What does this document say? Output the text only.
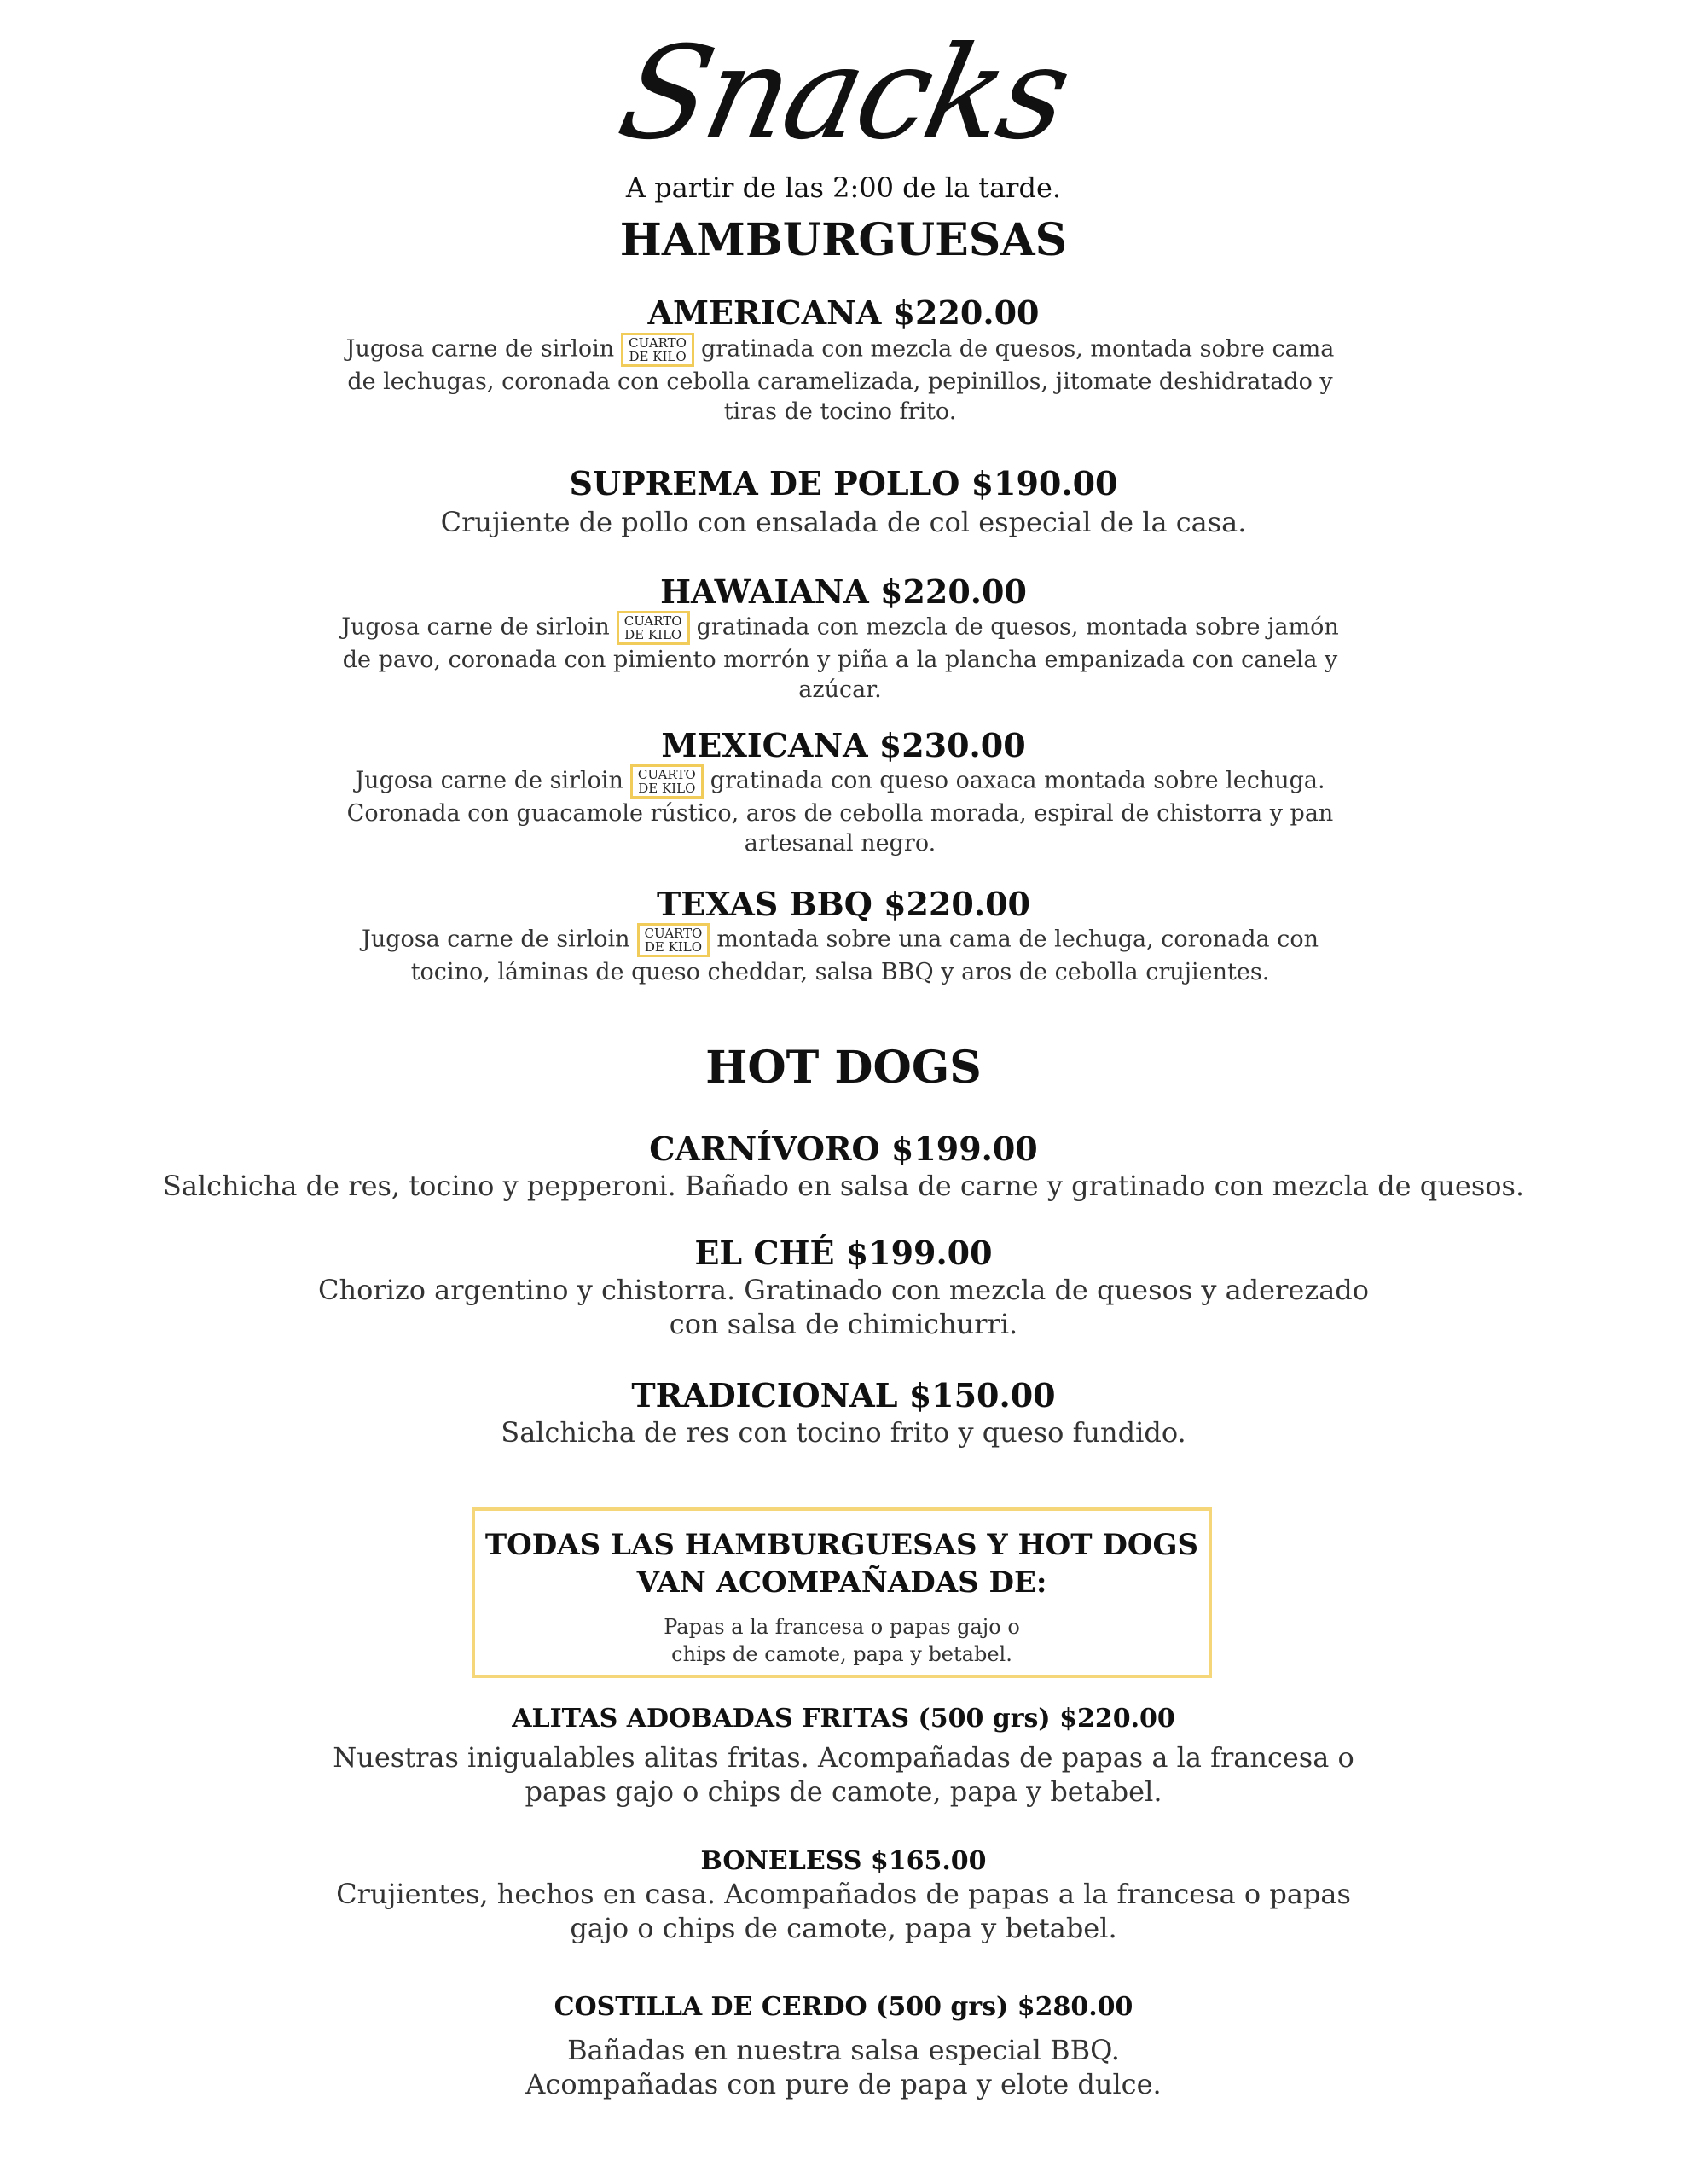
Snacks
A partir de las 2:00 de la tarde.
HAMBURGUESAS
AMERICANA $220.00
Jugosa carne de sirloin CUARTO
DE KILO gratinada con mezcla de quesos, montada sobre cama de lechugas, coronada con cebolla caramelizada, pepinillos, jitomate deshidratado y tiras de tocino frito.
SUPREMA DE POLLO $190.00
Crujiente de pollo con ensalada de col especial de la casa.
HAWAIANA $220.00
Jugosa carne de sirloin CUARTO
DE KILO gratinada con mezcla de quesos, montada sobre jamón de pavo, coronada con pimiento morrón y piña a la plancha empanizada con canela y azúcar.
MEXICANA $230.00
Jugosa carne de sirloin CUARTO
DE KILO gratinada con queso oaxaca montada sobre lechuga. Coronada con guacamole rústico, aros de cebolla morada, espiral de chistorra y pan artesanal negro.
TEXAS BBQ $220.00
Jugosa carne de sirloin CUARTO
DE KILO montada sobre una cama de lechuga, coronada con tocino, láminas de queso cheddar, salsa BBQ y aros de cebolla crujientes.
HOT DOGS
CARNÍVORO $199.00
Salchicha de res, tocino y pepperoni. Bañado en salsa de carne y gratinado con mezcla de quesos.
EL CHÉ $199.00
Chorizo argentino y chistorra. Gratinado con mezcla de quesos y aderezado
con salsa de chimichurri.
TRADICIONAL $150.00
Salchicha de res con tocino frito y queso fundido.
TODAS LAS HAMBURGUESAS Y HOT DOGS
VAN ACOMPAÑADAS DE:
Papas a la francesa o papas gajo o
chips de camote, papa y betabel.
ALITAS ADOBADAS FRITAS (500 grs) $220.00
Nuestras inigualables alitas fritas. Acompañadas de papas a la francesa o
papas gajo o chips de camote, papa y betabel.
BONELESS $165.00
Crujientes, hechos en casa. Acompañados de papas a la francesa o papas
gajo o chips de camote, papa y betabel.
COSTILLA DE CERDO (500 grs) $280.00
Bañadas en nuestra salsa especial BBQ.
Acompañadas con pure de papa y elote dulce.
